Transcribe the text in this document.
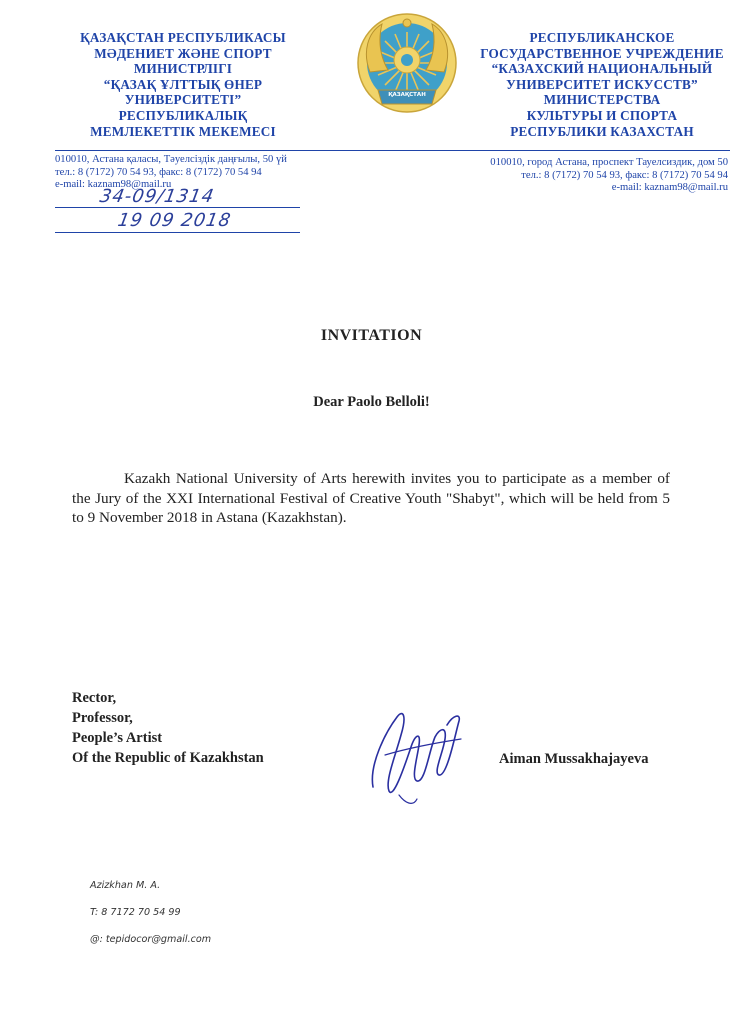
ҚАЗАҚСТАН РЕСПУБЛИКАСЫ
МӘДЕНИЕТ ЖӘНЕ СПОРТ
МИНИСТРЛІГІ
“ҚАЗАҚ ҰЛТТЫҚ ӨНЕР
УНИВЕРСИТЕТІ”
РЕСПУБЛИКАЛЫҚ
МЕМЛЕКЕТТІК МЕКЕМЕСІ
ҚАЗАҚСТАН
РЕСПУБЛИКАНСКОЕ
ГОСУДАРСТВЕННОЕ УЧРЕЖДЕНИЕ
“КАЗАХСКИЙ НАЦИОНАЛЬНЫЙ
УНИВЕРСИТЕТ ИСКУССТВ”
МИНИСТЕРСТВА
КУЛЬТУРЫ И СПОРТА
РЕСПУБЛИКИ КАЗАХСТАН
010010, Астана қаласы, Тәуелсіздік даңғылы, 50 үй
тел.: 8 (7172) 70 54 93, факс: 8 (7172) 70 54 94
e-mail: kaznam98@mail.ru
010010, город Астана, проспект Тауелсиздик, дом 50
тел.: 8 (7172) 70 54 93, факс: 8 (7172) 70 54 94
e-mail: kaznam98@mail.ru
34-09/1314
19 09 2018
INVITATION
Dear Paolo Belloli!
Kazakh National University of Arts herewith invites you to participate as a member of the Jury of the XXI International Festival of Creative Youth "Shabyt", which will be held from 5 to 9 November 2018 in Astana (Kazakhstan).
Rector,
Professor,
People’s Artist
Of the Republic of Kazakhstan	Aiman Mussakhajayeva
Azizkhan M. A.
T: 8 7172 70 54 99
@: tepidocor@gmail.com
